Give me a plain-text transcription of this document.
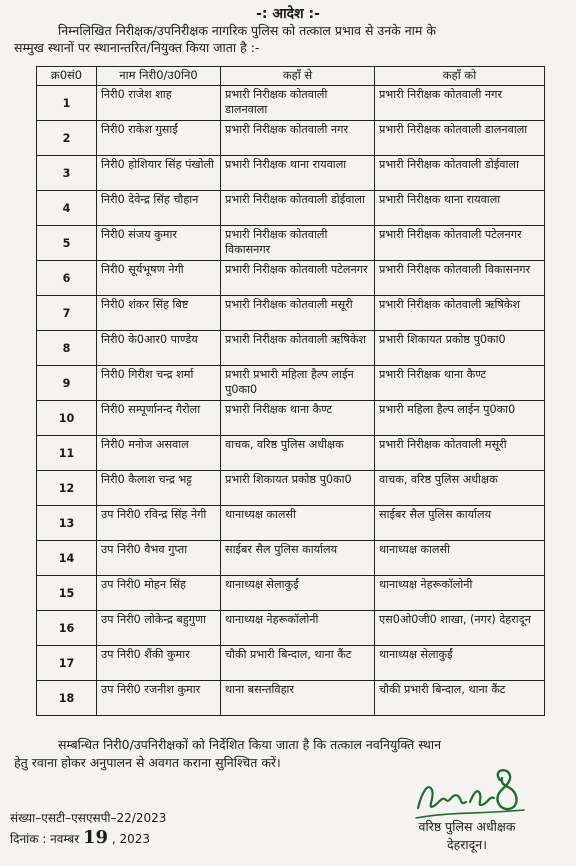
-: आदेश :-
निम्नलिखित निरीक्षक/उपनिरीक्षक नागरिक पुलिस को तत्काल प्रभाव से उनके नाम के
सम्मुख स्थानों पर स्थानान्तरित/नियुक्त किया जाता है :-
क्र0सं0	नाम निरी0/उ0नि0	कहॉं से	कहॉं को
1	निरी0 राजेश शाह	प्रभारी निरीक्षक कोतवाली डालनवाला	प्रभारी निरीक्षक कोतवाली नगर
2	निरी0 राकेश गुसाईं	प्रभारी निरीक्षक कोतवाली नगर	प्रभारी निरीक्षक कोतवाली डालनवाला
3	निरी0 होशियार सिंह पंखोली	प्रभारी निरीक्षक थाना रायवाला	प्रभारी निरीक्षक कोतवाली डोईवाला
4	निरी0 देवेन्द्र सिंह चौहान	प्रभारी निरीक्षक कोतवाली डोईवाला	प्रभारी निरीक्षक थाना रायवाला
5	निरी0 संजय कुमार	प्रभारी निरीक्षक कोतवाली विकासनगर	प्रभारी निरीक्षक कोतवाली पटेलनगर
6	निरी0 सूर्यभूषण नेगी	प्रभारी निरीक्षक कोतवाली पटेलनगर	प्रभारी निरीक्षक कोतवाली विकासनगर
7	निरी0 शंकर सिंह बिष्ट	प्रभारी निरीक्षक कोतवाली मसूरी	प्रभारी निरीक्षक कोतवाली ऋषिकेश
8	निरी0 के0आर0 पाण्डेय	प्रभारी निरीक्षक कोतवाली ऋषिकेश	प्रभारी शिकायत प्रकोष्ठ पु0का0
9	निरी0 गिरीश चन्द्र शर्मा	प्रभारी प्रभारी महिला हैल्प लाईन पु0का0	प्रभारी निरीक्षक थाना कैण्ट
10	निरी0 सम्पूर्णानन्द गैरोला	प्रभारी निरीक्षक थाना कैण्ट	प्रभारी महिला हैल्प लाईन पु0का0
11	निरी0 मनोज असवाल	वाचक, वरिष्ठ पुलिस अधीक्षक	प्रभारी निरीक्षक कोतवाली मसूरी
12	निरी0 कैलाश चन्द्र भट्ट	प्रभारी शिकायत प्रकोष्ठ पु0का0	वाचक, वरिष्ठ पुलिस अधीक्षक
13	उप निरी0 रविन्द्र सिंह नेगी	थानाध्यक्ष कालसी	साईबर सैल पुलिस कार्यालय
14	उप निरी0 वैभव गुप्ता	साईबर सैल पुलिस कार्यालय	थानाध्यक्ष कालसी
15	उप निरी0 मोहन सिंह	थानाध्यक्ष सेलाकुईं	थानाध्यक्ष नेहरूकॉलोनी
16	उप निरी0 लोकेन्द्र बहुगुणा	थानाध्यक्ष नेहरूकॉलोनी	एस0ओ0जी0 शाखा, (नगर) देहरादून
17	उप निरी0 शैंकी कुमार	चौकी प्रभारी बिन्दाल, थाना कैंट	थानाध्यक्ष सेलाकुईं
18	उप निरी0 रजनीश कुमार	थाना बसन्तविहार	चौकी प्रभारी बिन्दाल, थाना कैंट
सम्बन्धित निरी0/उपनिरीक्षकों को निर्देशित किया जाता है कि तत्काल नवनियुक्ति स्थान
हेतु रवाना होकर अनुपालन से अवगत कराना सुनिश्चित करें।
संख्या–एसटी–एसएसपी–22/2023
दिनांक : नवम्बर 19 , 2023
वरिष्ठ पुलिस अधीक्षक
देहरादून।
